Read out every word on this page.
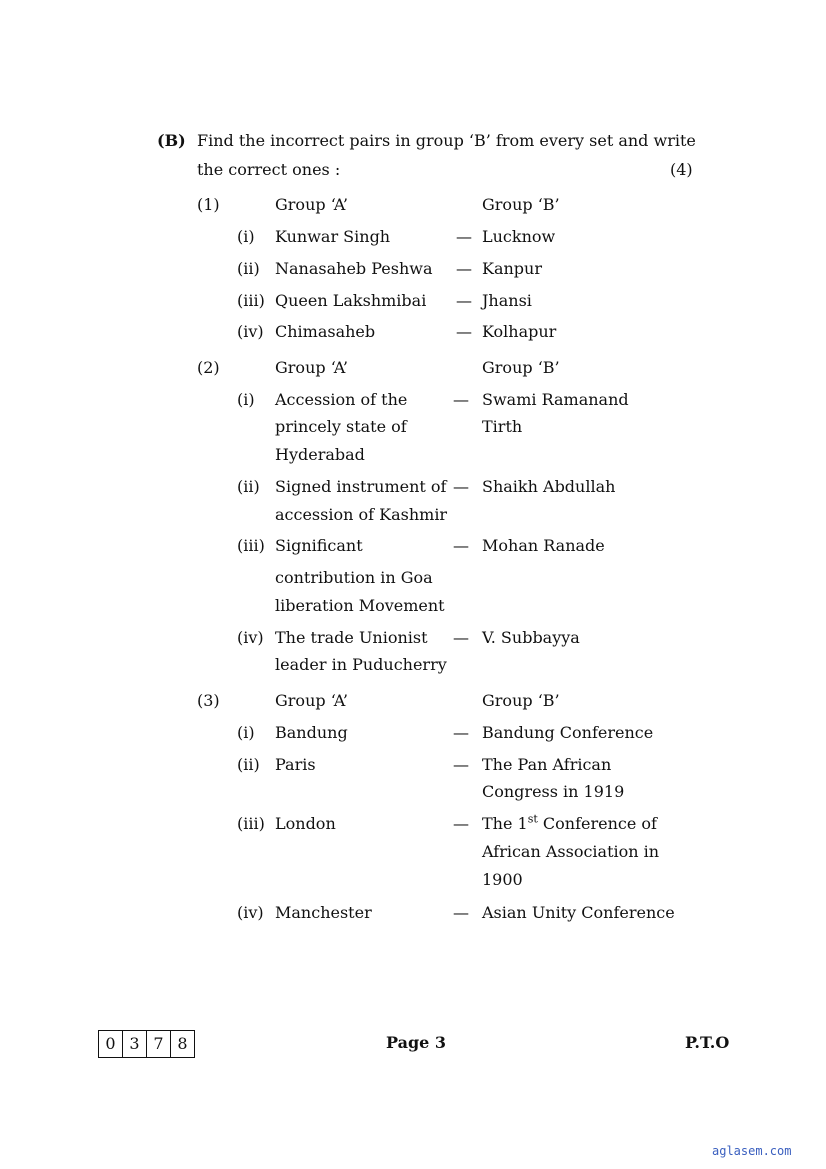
(B) Find the incorrect pairs in group ‘B’ from every set and write
the correct ones :	(4)
(1)	Group ‘A’	Group ‘B’
(i) Kunwar Singh	— Lucknow
(ii) Nanasaheb Peshwa — Kanpur
(iii) Queen Lakshmibai — Jhansi
(iv) Chimasaheb	— Kolhapur
(2)	Group ‘A’	Group ‘B’
(i) Accession of the
princely state of
Hyderabad
— Swami Ramanand
Tirth
(ii) Signed instrument of
accession of Kashmir
— Shaikh Abdullah
(iii) Significant
contribution in Goa
liberation Movement
— Mohan Ranade
(iv) The trade Unionist
leader in Puducherry
— V. Subbayya
(3)	Group ‘A’	Group ‘B’
(i) Bandung	— Bandung Conference
(ii) Paris	— The Pan African
Congress in 1919
(iii) London	— The 1st Conference of
African Association in
1900
(iv) Manchester	— Asian Unity Conference
0 3 7 8	Page 3	P.T.O
aglasem.com
